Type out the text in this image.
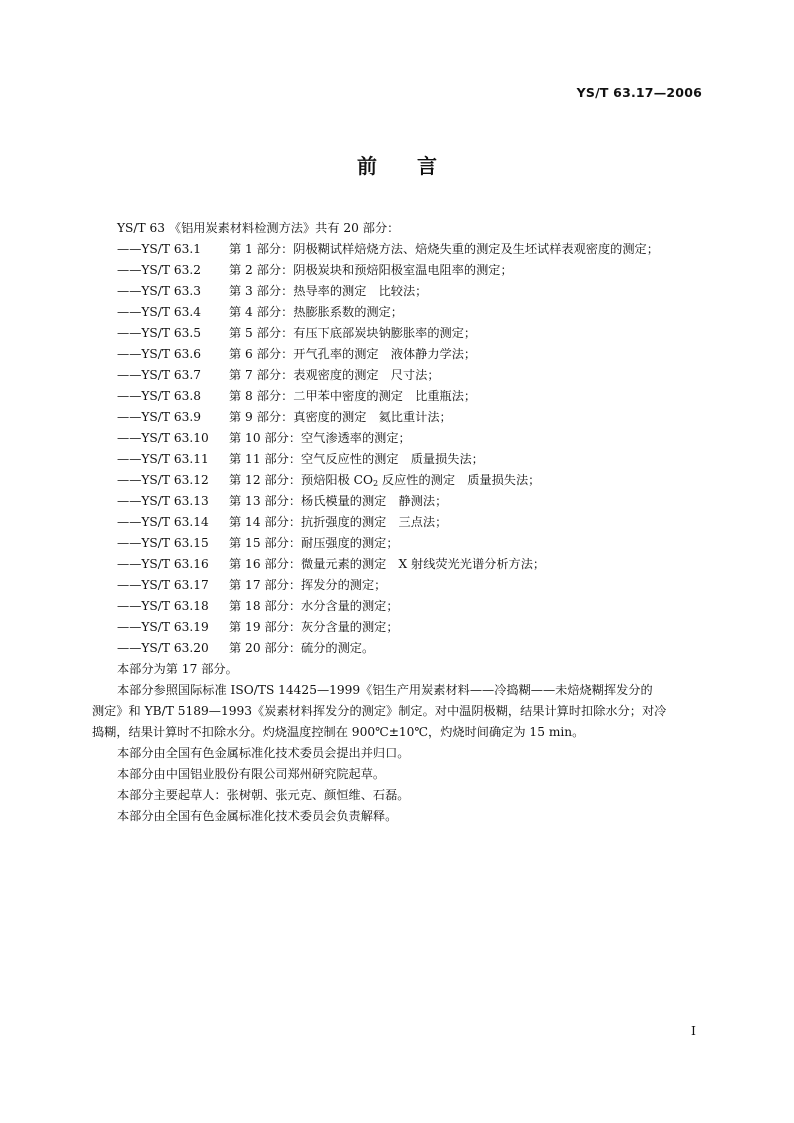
YS/T 63.17—2006
前　　言
YS/T 63 《铝用炭素材料检测方法》共有 20 部分：
——YS/T 63.1 第 1 部分：阴极糊试样焙烧方法、焙烧失重的测定及生坯试样表观密度的测定；
——YS/T 63.2 第 2 部分：阴极炭块和预焙阳极室温电阻率的测定；
——YS/T 63.3 第 3 部分：热导率的测定　比较法；
——YS/T 63.4 第 4 部分：热膨胀系数的测定；
——YS/T 63.5 第 5 部分：有压下底部炭块钠膨胀率的测定；
——YS/T 63.6 第 6 部分：开气孔率的测定　液体静力学法；
——YS/T 63.7 第 7 部分：表观密度的测定　尺寸法；
——YS/T 63.8 第 8 部分：二甲苯中密度的测定　比重瓶法；
——YS/T 63.9 第 9 部分：真密度的测定　氦比重计法；
——YS/T 63.10 第 10 部分：空气渗透率的测定；
——YS/T 63.11 第 11 部分：空气反应性的测定　质量损失法；
——YS/T 63.12 第 12 部分：预焙阳极 $CO_2$ 反应性的测定　质量损失法；
——YS/T 63.13 第 13 部分：杨氏模量的测定　静测法；
——YS/T 63.14 第 14 部分：抗折强度的测定　三点法；
——YS/T 63.15 第 15 部分：耐压强度的测定；
——YS/T 63.16 第 16 部分：微量元素的测定　X 射线荧光光谱分析方法；
——YS/T 63.17 第 17 部分：挥发分的测定；
——YS/T 63.18 第 18 部分：水分含量的测定；
——YS/T 63.19 第 19 部分：灰分含量的测定；
——YS/T 63.20 第 20 部分：硫分的测定。
本部分为第 17 部分。
本部分参照国际标准 ISO/TS 14425—1999《铝生产用炭素材料——冷捣糊——未焙烧糊挥发分的
测定》和 YB/T 5189—1993《炭素材料挥发分的测定》制定。对中温阴极糊，结果计算时扣除水分；对冷
捣糊，结果计算时不扣除水分。灼烧温度控制在 900℃±10℃，灼烧时间确定为 15 min。
本部分由全国有色金属标准化技术委员会提出并归口。
本部分由中国铝业股份有限公司郑州研究院起草。
本部分主要起草人：张树朝、张元克、颜恒维、石磊。
本部分由全国有色金属标准化技术委员会负责解释。
I
